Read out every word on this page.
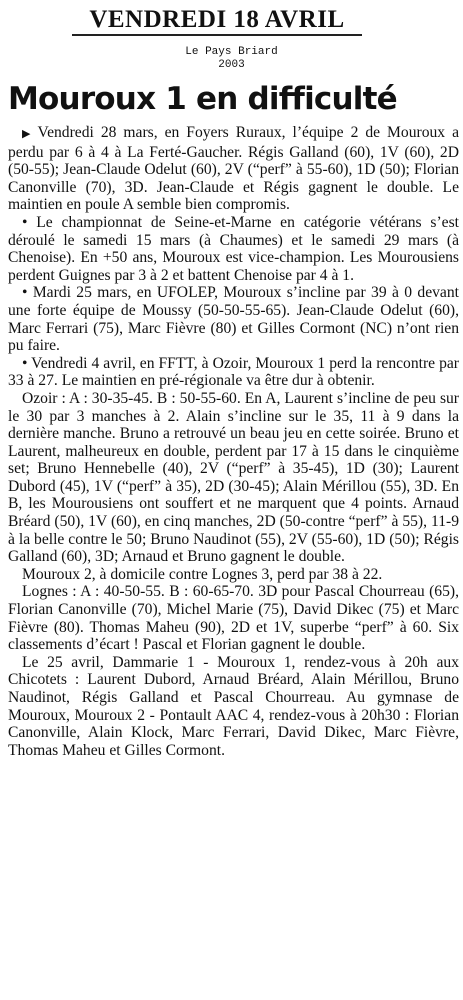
VENDREDI 18 AVRIL
Le Pays Briard
2003
Mouroux 1 en difficulté

▶ Vendredi 28 mars, en Foyers Ruraux, l’équipe 2 de Mouroux a perdu par 6 à 4 à La Ferté-Gaucher. Régis Galland (60), 1V (60), 2D (50-55); Jean-Claude Odelut (60), 2V (“perf” à 55-60), 1D (50); Florian Canonville (70), 3D. Jean-Claude et Régis gagnent le double. Le maintien en poule A semble bien compromis.

• Le championnat de Seine-et-Marne en catégorie vétérans s’est déroulé le samedi 15 mars (à Chaumes) et le samedi 29 mars (à Chenoise). En +50 ans, Mouroux est vice-champion. Les Mourousiens perdent Guignes par 3 à 2 et battent Chenoise par 4 à 1.

• Mardi 25 mars, en UFOLEP, Mouroux s’incline par 39 à 0 devant une forte équipe de Moussy (50-50-55-65). Jean-Claude Odelut (60), Marc Ferrari (75), Marc Fièvre (80) et Gilles Cormont (NC) n’ont rien pu faire.

• Vendredi 4 avril, en FFTT, à Ozoir, Mouroux 1 perd la rencontre par 33 à 27. Le maintien en pré-régionale va être dur à obtenir.

Ozoir : A : 30-35-45. B : 50-55-60. En A, Laurent s’incline de peu sur le 30 par 3 manches à 2. Alain s’incline sur le 35, 11 à 9 dans la dernière manche. Bruno a retrouvé un beau jeu en cette soirée. Bruno et Laurent, malheureux en double, perdent par 17 à 15 dans le cinquième set; Bruno Hennebelle (40), 2V (“perf” à 35-45), 1D (30); Laurent Dubord (45), 1V (“perf” à 35), 2D (30-45); Alain Mérillou (55), 3D. En B, les Mourousiens ont souffert et ne marquent que 4 points. Arnaud Bréard (50), 1V (60), en cinq manches, 2D (50-contre “perf” à 55), 11-9 à la belle contre le 50; Bruno Naudinot (55), 2V (55-60), 1D (50); Régis Galland (60), 3D; Arnaud et Bruno gagnent le double.

Mouroux 2, à domicile contre Lognes 3, perd par 38 à 22.

Lognes : A : 40-50-55. B : 60-65-70. 3D pour Pascal Chourreau (65), Florian Canonville (70), Michel Marie (75), David Dikec (75) et Marc Fièvre (80). Thomas Maheu (90), 2D et 1V, superbe “perf” à 60. Six classements d’écart ! Pascal et Florian gagnent le double.

Le 25 avril, Dammarie 1 - Mouroux 1, rendez-vous à 20h aux Chicotets : Laurent Dubord, Arnaud Bréard, Alain Mérillou, Bruno Naudinot, Régis Galland et Pascal Chourreau. Au gymnase de Mouroux, Mouroux 2 - Pontault AAC 4, rendez-vous à 20h30 : Florian Canonville, Alain Klock, Marc Ferrari, David Dikec, Marc Fièvre, Thomas Maheu et Gilles Cormont.
